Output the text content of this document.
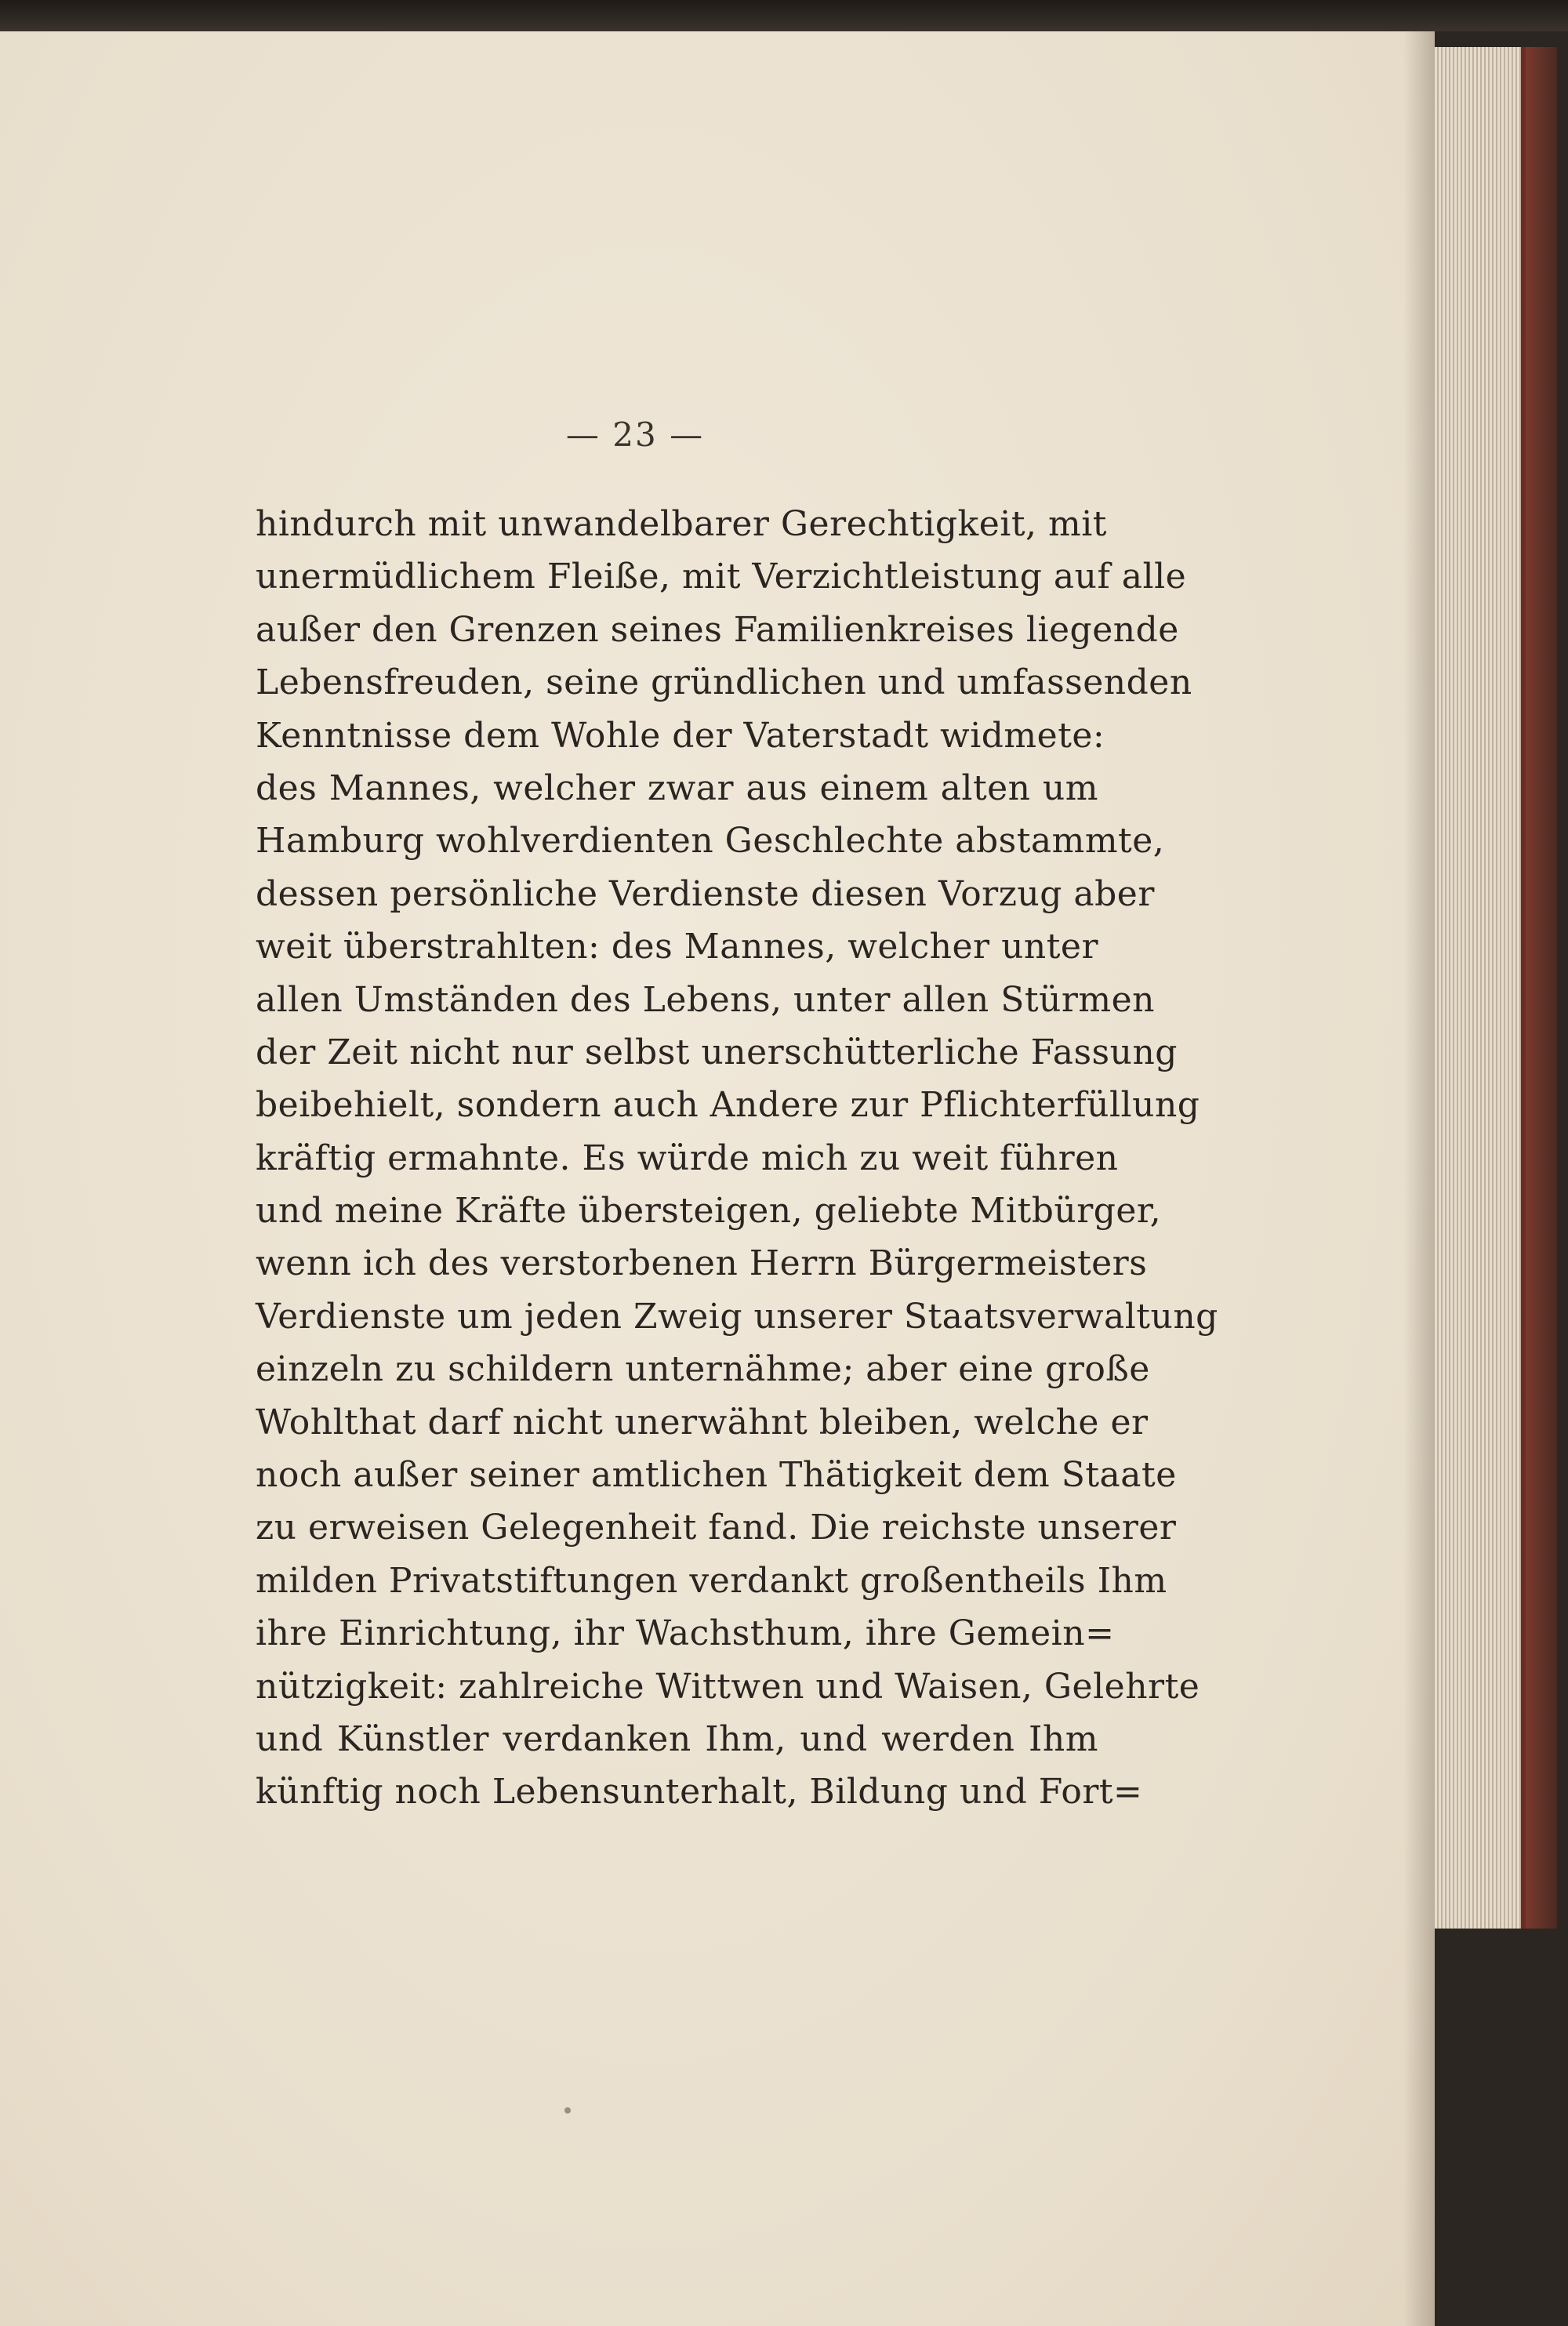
— 23 —
hindurch mit unwandelbarer Gerechtigkeit, mit
unermüdlichem Fleiße, mit Verzichtleistung auf alle
außer den Grenzen seines Familienkreises liegende
Lebensfreuden, seine gründlichen und umfassenden
Kenntnisse dem Wohle der Vaterstadt widmete:
des Mannes, welcher zwar aus einem alten um
Hamburg wohlverdienten Geschlechte abstammte,
dessen persönliche Verdienste diesen Vorzug aber
weit überstrahlten: des Mannes, welcher unter
allen Umständen des Lebens, unter allen Stürmen
der Zeit nicht nur selbst unerschütterliche Fassung
beibehielt, sondern auch Andere zur Pflichterfüllung
kräftig ermahnte. Es würde mich zu weit führen
und meine Kräfte übersteigen, geliebte Mitbürger,
wenn ich des verstorbenen Herrn Bürgermeisters
Verdienste um jeden Zweig unserer Staatsverwaltung
einzeln zu schildern unternähme; aber eine große
Wohlthat darf nicht unerwähnt bleiben, welche er
noch außer seiner amtlichen Thätigkeit dem Staate
zu erweisen Gelegenheit fand. Die reichste unserer
milden Privatstiftungen verdankt großentheils Ihm
ihre Einrichtung, ihr Wachsthum, ihre Gemein=
nützigkeit: zahlreiche Wittwen und Waisen, Gelehrte
und Künstler verdanken Ihm, und werden Ihm
künftig noch Lebensunterhalt, Bildung und Fort=
